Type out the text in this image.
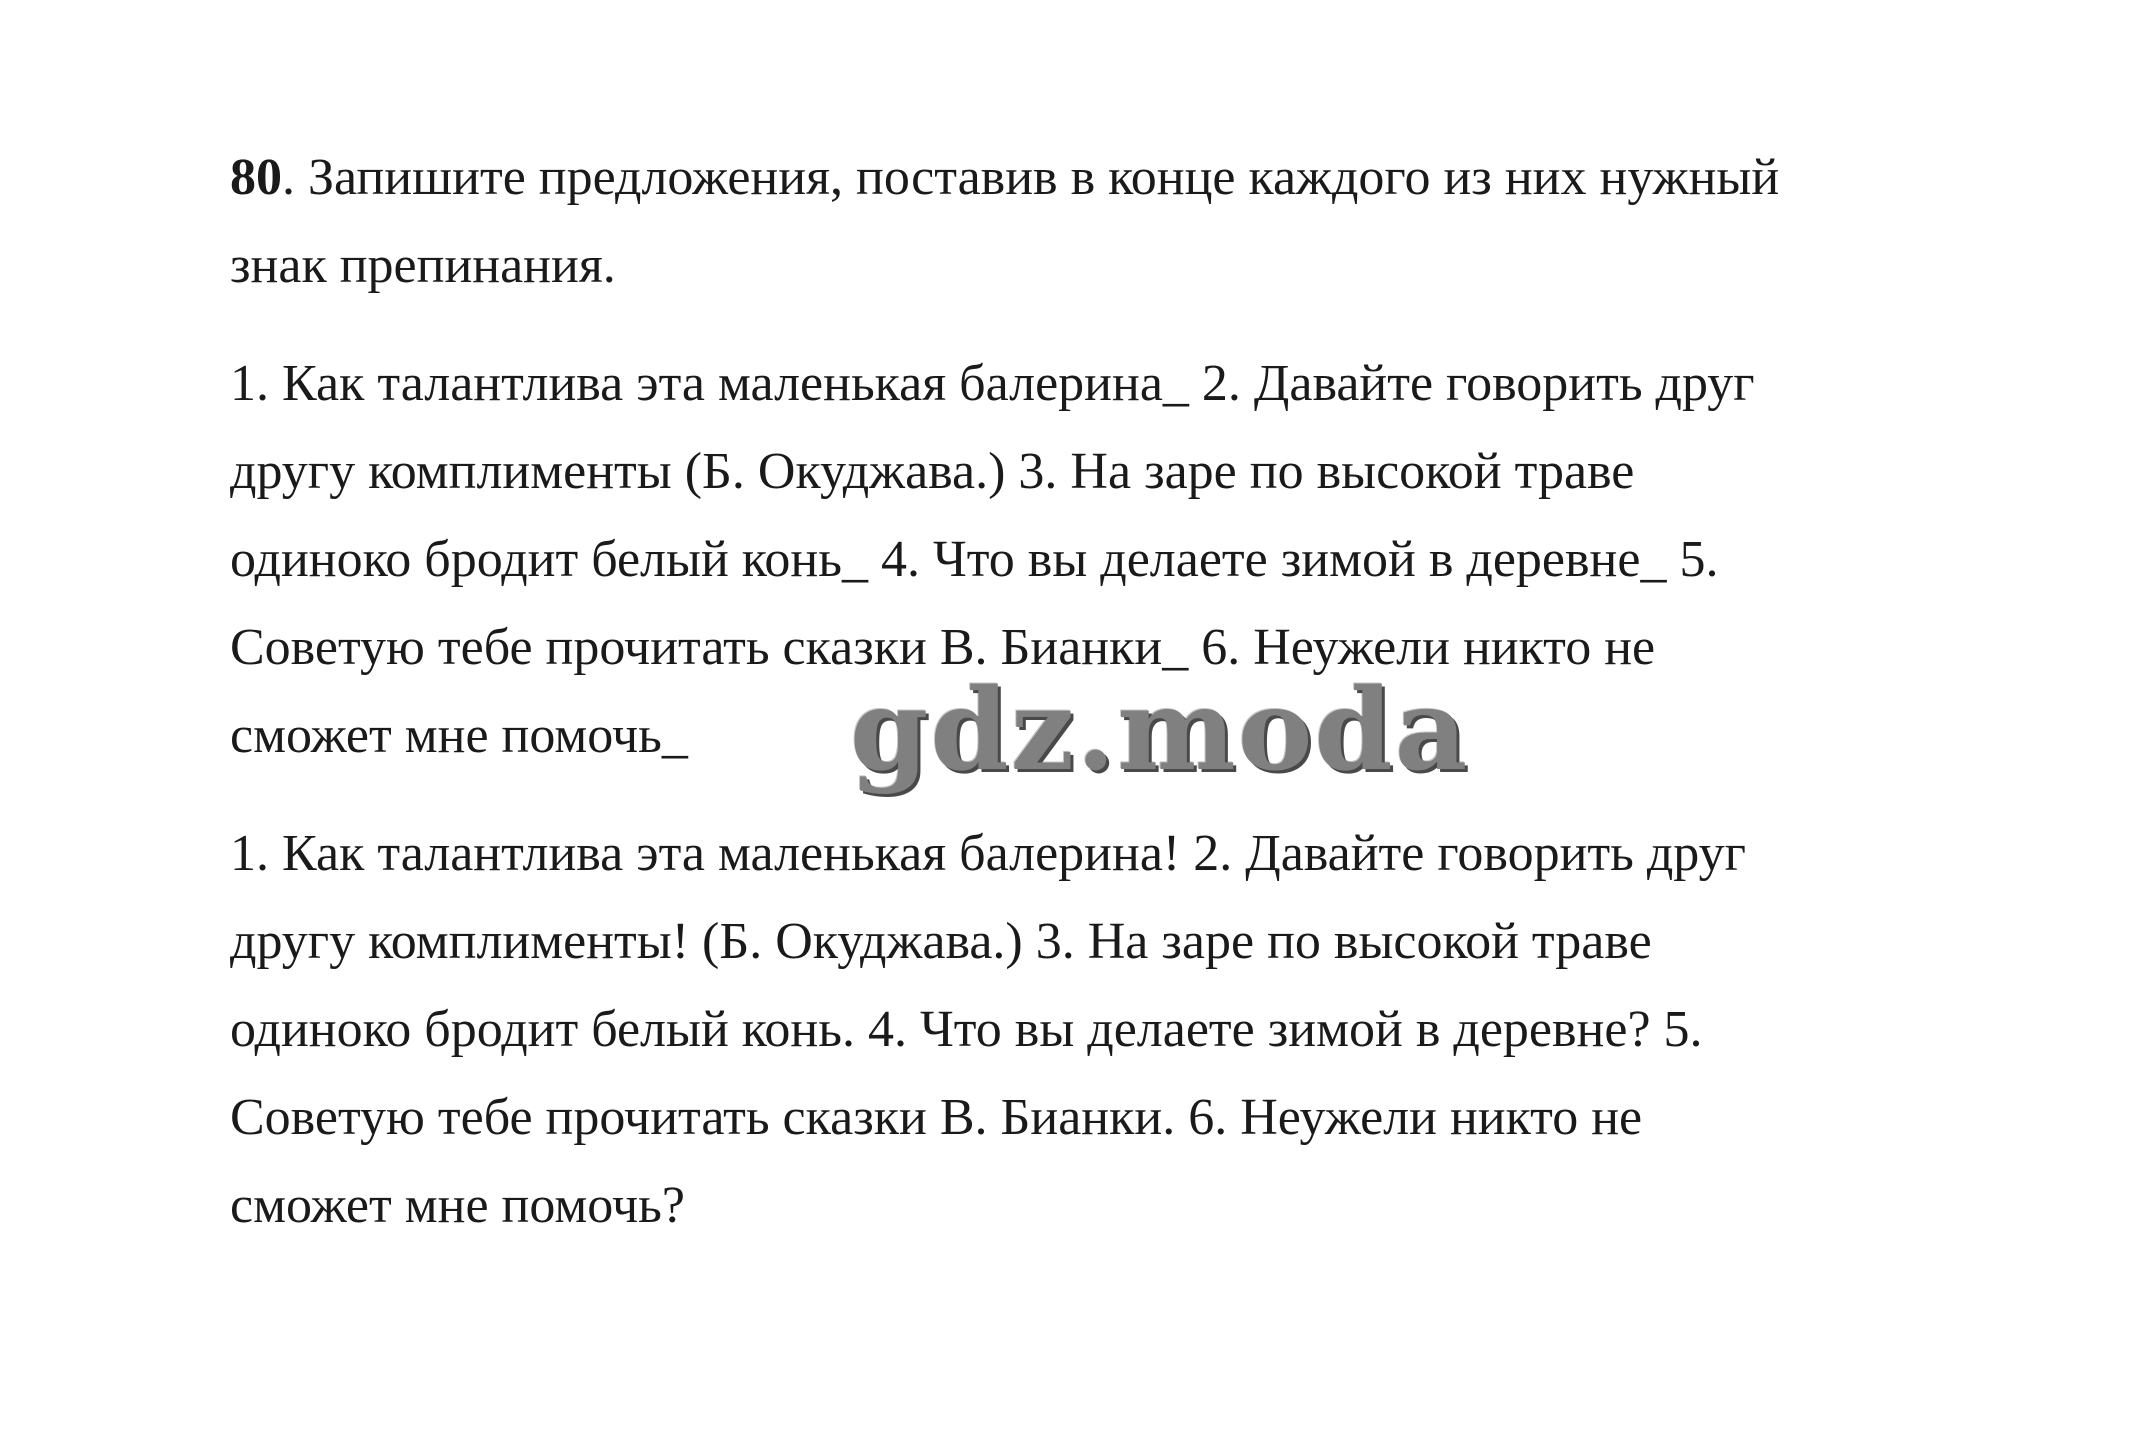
80. Запишите предложения, поставив в конце каждого из них нужный
знак препинания.
1. Как талантлива эта маленькая балерина_ 2. Давайте говорить друг
другу комплименты (Б. Окуджава.) 3. На заре по высокой траве
одиноко бродит белый конь_ 4. Что вы делаете зимой в деревне_ 5.
Советую тебе прочитать сказки В. Бианки_ 6. Неужели никто не
сможет мне помочь_
1. Как талантлива эта маленькая балерина! 2. Давайте говорить друг
другу комплименты! (Б. Окуджава.) 3. На заре по высокой траве
одиноко бродит белый конь. 4. Что вы делаете зимой в деревне? 5.
Советую тебе прочитать сказки В. Бианки. 6. Неужели никто не
сможет мне помочь?
gdz.moda
